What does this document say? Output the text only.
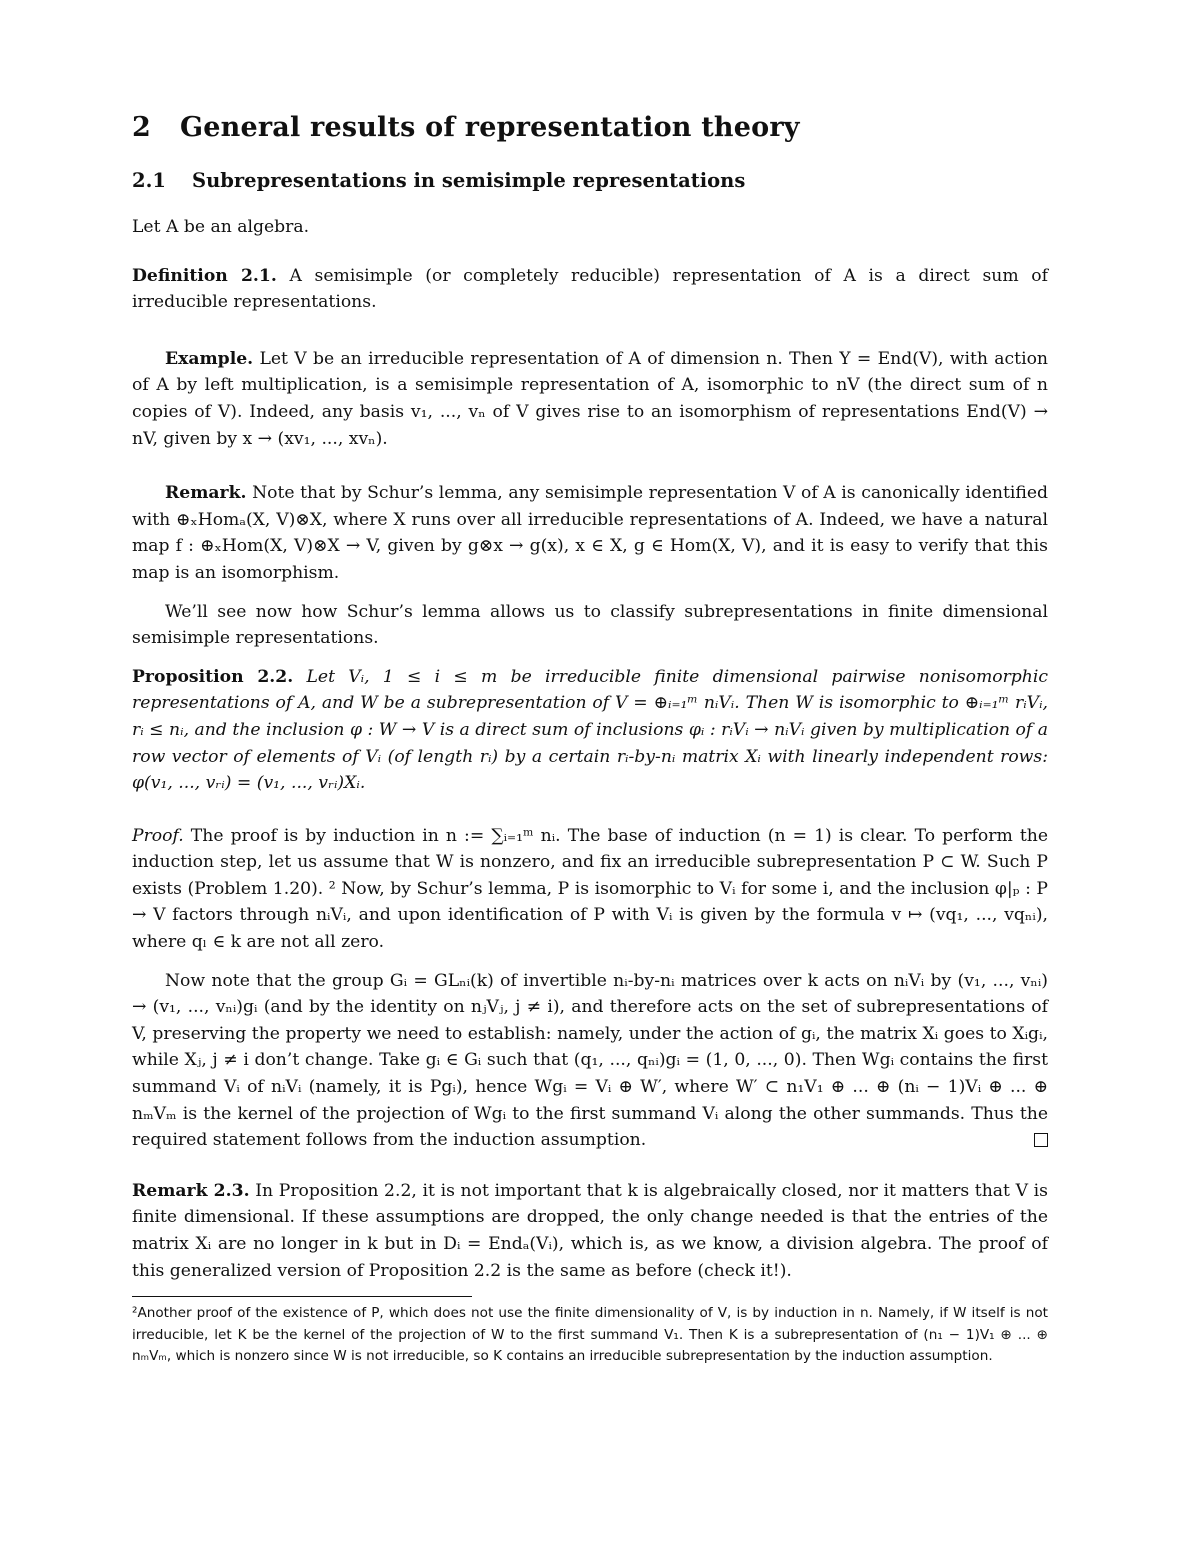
2 General results of representation theory
2.1 Subrepresentations in semisimple representations

Let A be an algebra.

Definition 2.1. A semisimple (or completely reducible) representation of A is a direct sum of irreducible representations.

Example. Let V be an irreducible representation of A of dimension n. Then Y = End(V), with action of A by left multiplication, is a semisimple representation of A, isomorphic to nV (the direct sum of n copies of V). Indeed, any basis v₁, ..., vₙ of V gives rise to an isomorphism of representations End(V) → nV, given by x → (xv₁, ..., xvₙ).

Remark. Note that by Schur’s lemma, any semisimple representation V of A is canonically identified with ⊕ₓHomₐ(X, V)⊗X, where X runs over all irreducible representations of A. Indeed, we have a natural map f : ⊕ₓHom(X, V)⊗X → V, given by g⊗x → g(x), x ∈ X, g ∈ Hom(X, V), and it is easy to verify that this map is an isomorphism.

We’ll see now how Schur’s lemma allows us to classify subrepresentations in finite dimensional semisimple representations.

Proposition 2.2. Let Vᵢ, 1 ≤ i ≤ m be irreducible finite dimensional pairwise nonisomorphic representations of A, and W be a subrepresentation of V = ⊕ᵢ₌₁ᵐ nᵢVᵢ. Then W is isomorphic to ⊕ᵢ₌₁ᵐ rᵢVᵢ, rᵢ ≤ nᵢ, and the inclusion φ : W → V is a direct sum of inclusions φᵢ : rᵢVᵢ → nᵢVᵢ given by multiplication of a row vector of elements of Vᵢ (of length rᵢ) by a certain rᵢ-by-nᵢ matrix Xᵢ with linearly independent rows: φ(v₁, ..., vᵣᵢ) = (v₁, ..., vᵣᵢ)Xᵢ.

Proof. The proof is by induction in n := ∑ᵢ₌₁ᵐ nᵢ. The base of induction (n = 1) is clear. To perform the induction step, let us assume that W is nonzero, and fix an irreducible subrepresentation P ⊂ W. Such P exists (Problem 1.20). ² Now, by Schur’s lemma, P is isomorphic to Vᵢ for some i, and the inclusion φ|ₚ : P → V factors through nᵢVᵢ, and upon identification of P with Vᵢ is given by the formula v ↦ (vq₁, ..., vqₙᵢ), where qₗ ∈ k are not all zero.

Now note that the group Gᵢ = GLₙᵢ(k) of invertible nᵢ-by-nᵢ matrices over k acts on nᵢVᵢ by (v₁, ..., vₙᵢ) → (v₁, ..., vₙᵢ)gᵢ (and by the identity on nⱼVⱼ, j ≠ i), and therefore acts on the set of subrepresentations of V, preserving the property we need to establish: namely, under the action of gᵢ, the matrix Xᵢ goes to Xᵢgᵢ, while Xⱼ, j ≠ i don’t change. Take gᵢ ∈ Gᵢ such that (q₁, ..., qₙᵢ)gᵢ = (1, 0, ..., 0). Then Wgᵢ contains the first summand Vᵢ of nᵢVᵢ (namely, it is Pgᵢ), hence Wgᵢ = Vᵢ ⊕ W′, where W′ ⊂ n₁V₁ ⊕ ... ⊕ (nᵢ − 1)Vᵢ ⊕ ... ⊕ nₘVₘ is the kernel of the projection of Wgᵢ to the first summand Vᵢ along the other summands. Thus the required statement follows from the induction assumption.

Remark 2.3. In Proposition 2.2, it is not important that k is algebraically closed, nor it matters that V is finite dimensional. If these assumptions are dropped, the only change needed is that the entries of the matrix Xᵢ are no longer in k but in Dᵢ = Endₐ(Vᵢ), which is, as we know, a division algebra. The proof of this generalized version of Proposition 2.2 is the same as before (check it!).

²Another proof of the existence of P, which does not use the finite dimensionality of V, is by induction in n. Namely, if W itself is not irreducible, let K be the kernel of the projection of W to the first summand V₁. Then K is a subrepresentation of (n₁ − 1)V₁ ⊕ ... ⊕ nₘVₘ, which is nonzero since W is not irreducible, so K contains an irreducible subrepresentation by the induction assumption.
